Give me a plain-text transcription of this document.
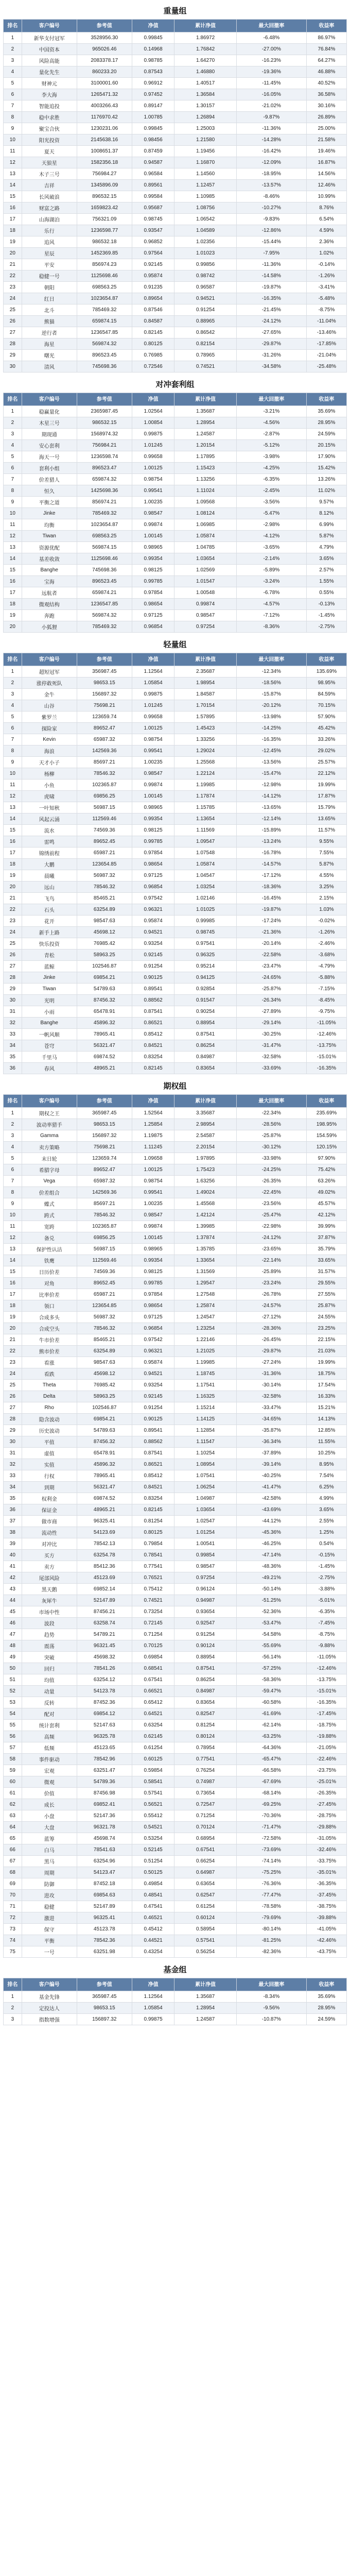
重量组
排名	客户编号	参考值	净值	累计净值	最大回撤率	收益率
1	新华支付冠军	3528956.30	0.99845	1.86972	-6.48%	86.97%
2	中国资本	965026.46	0.14968	1.76842	-27.00%	76.84%
3	风险高能	2083378.17	0.98785	1.64270	-16.23%	64.27%
4	量化先生	860233.20	0.87543	1.46880	-19.36%	46.88%
5	财神元	3100001.60	0.96912	1.40517	-11.45%	40.52%
6	李大海	1265471.32	0.97452	1.36584	-16.05%	36.58%
7	智能追投	4003266.43	0.89147	1.30157	-21.02%	30.16%
8	稳中求胜	1176970.42	1.00785	1.26894	-9.87%	26.89%
9	聚宝合伙	1230231.06	0.99845	1.25003	-11.36%	25.00%
10	阳光投资	2145638.16	0.98456	1.21580	-14.28%	21.58%
11	夏天	1008651.37	0.87459	1.19456	-16.42%	19.46%
12	天狼星	1582356.18	0.94587	1.16870	-12.09%	16.87%
13	木子三号	756984.27	0.96584	1.14560	-18.95%	14.56%
14	吉祥	1345896.09	0.89561	1.12457	-13.57%	12.46%
15	长风破浪	896532.15	0.99584	1.10985	-8.46%	10.99%
16	财富之路	1659823.42	0.95687	1.08756	-10.27%	8.76%
17	山海湖泊	756321.09	0.98745	1.06542	-9.83%	6.54%
18	乐行	1236598.77	0.93547	1.04589	-12.86%	4.59%
19	追风	986532.18	0.96852	1.02356	-15.44%	2.36%
20	星辰	1452369.85	0.97564	1.01023	-7.95%	1.02%
21	平安	856974.23	0.92145	0.99856	-11.36%	-0.14%
22	稳健一号	1125698.46	0.95874	0.98742	-14.58%	-1.26%
23	朝阳	698563.25	0.91235	0.96587	-19.87%	-3.41%
24	红日	1023654.87	0.89654	0.94521	-16.35%	-5.48%
25	北斗	785469.32	0.87546	0.91254	-21.45%	-8.75%
26	熊猫	659874.15	0.84587	0.88965	-24.12%	-11.04%
27	逆行者	1236547.85	0.82145	0.86542	-27.65%	-13.46%
28	海星	569874.32	0.80125	0.82154	-29.87%	-17.85%
29	曙光	896523.45	0.76985	0.78965	-31.26%	-21.04%
30	清风	745698.36	0.72546	0.74521	-34.58%	-25.48%
对冲套利组
排名	客户编号	参考值	净值	累计净值	最大回撤率	收益率
1	稳赢量化	2365987.45	1.02564	1.35687	-3.21%	35.69%
2	木星三号	986532.15	1.00854	1.28954	-4.56%	28.95%
3	期现通	1568974.32	0.99875	1.24587	-2.87%	24.59%
4	安心套利	756984.21	1.01245	1.20154	-5.12%	20.15%
5	海天一号	1236598.74	0.99658	1.17895	-3.98%	17.90%
6	套利小组	896523.47	1.00125	1.15423	-4.25%	15.42%
7	价差猎人	659874.32	0.98754	1.13256	-6.35%	13.26%
8	恒久	1425698.36	0.99541	1.11024	-2.45%	11.02%
9	平衡之道	856974.21	1.00235	1.09568	-3.56%	9.57%
10	Jinke	785469.32	0.98547	1.08124	-5.47%	8.12%
11	均衡	1023654.87	0.99874	1.06985	-2.98%	6.99%
12	Tiwan	698563.25	1.00145	1.05874	-4.12%	5.87%
13	资源优配	569874.15	0.98965	1.04785	-3.65%	4.79%
14	基差收敛	1125698.46	0.99354	1.03654	-2.14%	3.65%
15	Banghe	745698.36	0.98125	1.02569	-5.89%	2.57%
16	宝海	896523.45	0.99785	1.01547	-3.24%	1.55%
17	远航者	659874.21	0.97854	1.00548	-6.78%	0.55%
18	微观结构	1236547.85	0.98654	0.99874	-4.57%	-0.13%
19	奔跑	569874.32	0.97125	0.98547	-7.12%	-1.45%
20	小狐狸	785469.32	0.96854	0.97254	-8.36%	-2.75%
轻量组
排名	客户编号	参考值	净值	累计净值	最大回撤率	收益率
1	超短冠军	356987.45	1.12564	2.35687	-12.34%	135.69%
2	涨停敢死队	98653.15	1.05854	1.98954	-18.56%	98.95%
3	金牛	156897.32	0.99875	1.84587	-15.87%	84.59%
4	山谷	75698.21	1.01245	1.70154	-20.12%	70.15%
5	紫罗兰	123659.74	0.99658	1.57895	-13.98%	57.90%
6	探险家	89652.47	1.00125	1.45423	-14.25%	45.42%
7	Kevin	65987.32	0.98754	1.33256	-16.35%	33.26%
8	海浪	142569.36	0.99541	1.29024	-12.45%	29.02%
9	天才小子	85697.21	1.00235	1.25568	-13.56%	25.57%
10	杨柳	78546.32	0.98547	1.22124	-15.47%	22.12%
11	小鱼	102365.87	0.99874	1.19985	-12.98%	19.99%
12	虎啸	69856.25	1.00145	1.17874	-14.12%	17.87%
13	一叶知秋	56987.15	0.98965	1.15785	-13.65%	15.79%
14	风起云涌	112569.46	0.99354	1.13654	-12.14%	13.65%
15	流水	74569.36	0.98125	1.11569	-15.89%	11.57%
16	雷鸣	89652.45	0.99785	1.09547	-13.24%	9.55%
17	锦绣前程	65987.21	0.97854	1.07548	-16.78%	7.55%
18	大鹏	123654.85	0.98654	1.05874	-14.57%	5.87%
19	晨曦	56987.32	0.97125	1.04547	-17.12%	4.55%
20	远山	78546.32	0.96854	1.03254	-18.36%	3.25%
21	飞鸟	85465.21	0.97542	1.02146	-16.45%	2.15%
22	石头	63254.89	0.96321	1.01025	-19.87%	1.03%
23	花开	98547.63	0.95874	0.99985	-17.24%	-0.02%
24	新手上路	45698.12	0.94521	0.98745	-21.36%	-1.26%
25	快乐投资	76985.42	0.93254	0.97541	-20.14%	-2.46%
26	青松	58963.25	0.92145	0.96325	-22.58%	-3.68%
27	蓝鲸	102546.87	0.91254	0.95214	-23.47%	-4.79%
28	Jinke	69854.21	0.90125	0.94125	-24.65%	-5.88%
29	Tiwan	54789.63	0.89541	0.92854	-25.87%	-7.15%
30	光明	87456.32	0.88562	0.91547	-26.34%	-8.45%
31	小雨	65478.91	0.87541	0.90254	-27.89%	-9.75%
32	Banghe	45896.32	0.86521	0.88954	-29.14%	-11.05%
33	一帆风顺	78965.41	0.85412	0.87541	-30.25%	-12.46%
34	苍穹	56321.47	0.84521	0.86254	-31.47%	-13.75%
35	千里马	69874.52	0.83254	0.84987	-32.58%	-15.01%
36	春风	48965.21	0.82145	0.83654	-33.69%	-16.35%
期权组
排名	客户编号	参考值	净值	累计净值	最大回撤率	收益率
1	期权之王	365987.45	1.52564	3.35687	-22.34%	235.69%
2	波动率猎手	98653.15	1.25854	2.98954	-28.56%	198.95%
3	Gamma	156897.32	1.19875	2.54587	-25.87%	154.59%
4	卖方策略	75698.21	1.11245	2.20154	-30.12%	120.15%
5	末日轮	123659.74	1.09658	1.97895	-33.98%	97.90%
6	希腊字母	89652.47	1.00125	1.75423	-24.25%	75.42%
7	Vega	65987.32	0.98754	1.63256	-26.35%	63.26%
8	价差组合	142569.36	0.99541	1.49024	-22.45%	49.02%
9	蝶式	85697.21	1.00235	1.45568	-23.56%	45.57%
10	跨式	78546.32	0.98547	1.42124	-25.47%	42.12%
11	宽跨	102365.87	0.99874	1.39985	-22.98%	39.99%
12	备兑	69856.25	1.00145	1.37874	-24.12%	37.87%
13	保护性认沽	56987.15	0.98965	1.35785	-23.65%	35.79%
14	铁鹰	112569.46	0.99354	1.33654	-22.14%	33.65%
15	日历价差	74569.36	0.98125	1.31569	-25.89%	31.57%
16	对角	89652.45	0.99785	1.29547	-23.24%	29.55%
17	比率价差	65987.21	0.97854	1.27548	-26.78%	27.55%
18	领口	123654.85	0.98654	1.25874	-24.57%	25.87%
19	合成多头	56987.32	0.97125	1.24547	-27.12%	24.55%
20	合成空头	78546.32	0.96854	1.23254	-28.36%	23.25%
21	牛市价差	85465.21	0.97542	1.22146	-26.45%	22.15%
22	熊市价差	63254.89	0.96321	1.21025	-29.87%	21.03%
23	看涨	98547.63	0.95874	1.19985	-27.24%	19.99%
24	看跌	45698.12	0.94521	1.18745	-31.36%	18.75%
25	Theta	76985.42	0.93254	1.17541	-30.14%	17.54%
26	Delta	58963.25	0.92145	1.16325	-32.58%	16.33%
27	Rho	102546.87	0.91254	1.15214	-33.47%	15.21%
28	隐含波动	69854.21	0.90125	1.14125	-34.65%	14.13%
29	历史波动	54789.63	0.89541	1.12854	-35.87%	12.85%
30	平值	87456.32	0.88562	1.11547	-36.34%	11.55%
31	虚值	65478.91	0.87541	1.10254	-37.89%	10.25%
32	实值	45896.32	0.86521	1.08954	-39.14%	8.95%
33	行权	78965.41	0.85412	1.07541	-40.25%	7.54%
34	到期	56321.47	0.84521	1.06254	-41.47%	6.25%
35	权利金	69874.52	0.83254	1.04987	-42.58%	4.99%
36	保证金	48965.21	0.82145	1.03654	-43.69%	3.65%
37	做市商	96325.41	0.81254	1.02547	-44.12%	2.55%
38	流动性	54123.69	0.80125	1.01254	-45.36%	1.25%
39	对冲比	78542.13	0.79854	1.00541	-46.25%	0.54%
40	买方	63254.78	0.78541	0.99854	-47.14%	-0.15%
41	卖方	85412.36	0.77541	0.98547	-48.36%	-1.45%
42	尾部风险	45123.69	0.76521	0.97254	-49.21%	-2.75%
43	黑天鹅	69852.14	0.75412	0.96124	-50.14%	-3.88%
44	灰犀牛	52147.89	0.74521	0.94987	-51.25%	-5.01%
45	市场中性	87456.21	0.73254	0.93654	-52.36%	-6.35%
46	波段	63258.74	0.72145	0.92547	-53.47%	-7.45%
47	趋势	54789.21	0.71254	0.91254	-54.58%	-8.75%
48	震荡	96321.45	0.70125	0.90124	-55.69%	-9.88%
49	突破	45698.32	0.69854	0.88954	-56.14%	-11.05%
50	回归	78541.26	0.68541	0.87541	-57.25%	-12.46%
51	均值	63254.12	0.67541	0.86254	-58.36%	-13.75%
52	动量	54123.78	0.66521	0.84987	-59.47%	-15.01%
53	反转	87452.36	0.65412	0.83654	-60.58%	-16.35%
54	配对	69854.12	0.64521	0.82547	-61.69%	-17.45%
55	统计套利	52147.63	0.63254	0.81254	-62.14%	-18.75%
56	高频	96325.78	0.62145	0.80124	-63.25%	-19.88%
57	低频	45123.65	0.61254	0.78954	-64.36%	-21.05%
58	事件驱动	78542.96	0.60125	0.77541	-65.47%	-22.46%
59	宏观	63251.47	0.59854	0.76254	-66.58%	-23.75%
60	微观	54789.36	0.58541	0.74987	-67.69%	-25.01%
61	价值	87456.98	0.57541	0.73654	-68.14%	-26.35%
62	成长	69852.41	0.56521	0.72547	-69.25%	-27.45%
63	小盘	52147.36	0.55412	0.71254	-70.36%	-28.75%
64	大盘	96321.78	0.54521	0.70124	-71.47%	-29.88%
65	蓝筹	45698.74	0.53254	0.68954	-72.58%	-31.05%
66	白马	78541.63	0.52145	0.67541	-73.69%	-32.46%
67	黑马	63254.96	0.51254	0.66254	-74.14%	-33.75%
68	周期	54123.47	0.50125	0.64987	-75.25%	-35.01%
69	防御	87452.18	0.49854	0.63654	-76.36%	-36.35%
70	进攻	69854.63	0.48541	0.62547	-77.47%	-37.45%
71	稳健	52147.89	0.47541	0.61254	-78.58%	-38.75%
72	激进	96325.41	0.46521	0.60124	-79.69%	-39.88%
73	保守	45123.78	0.45412	0.58954	-80.14%	-41.05%
74	平衡	78542.36	0.44521	0.57541	-81.25%	-42.46%
75	一号	63251.98	0.43254	0.56254	-82.36%	-43.75%
基金组
排名	客户编号	参考值	净值	累计净值	最大回撤率	收益率
1	基金先锋	365987.45	1.12564	1.35687	-8.34%	35.69%
2	定投达人	98653.15	1.05854	1.28954	-9.56%	28.95%
3	指数增强	156897.32	0.99875	1.24587	-10.87%	24.59%
